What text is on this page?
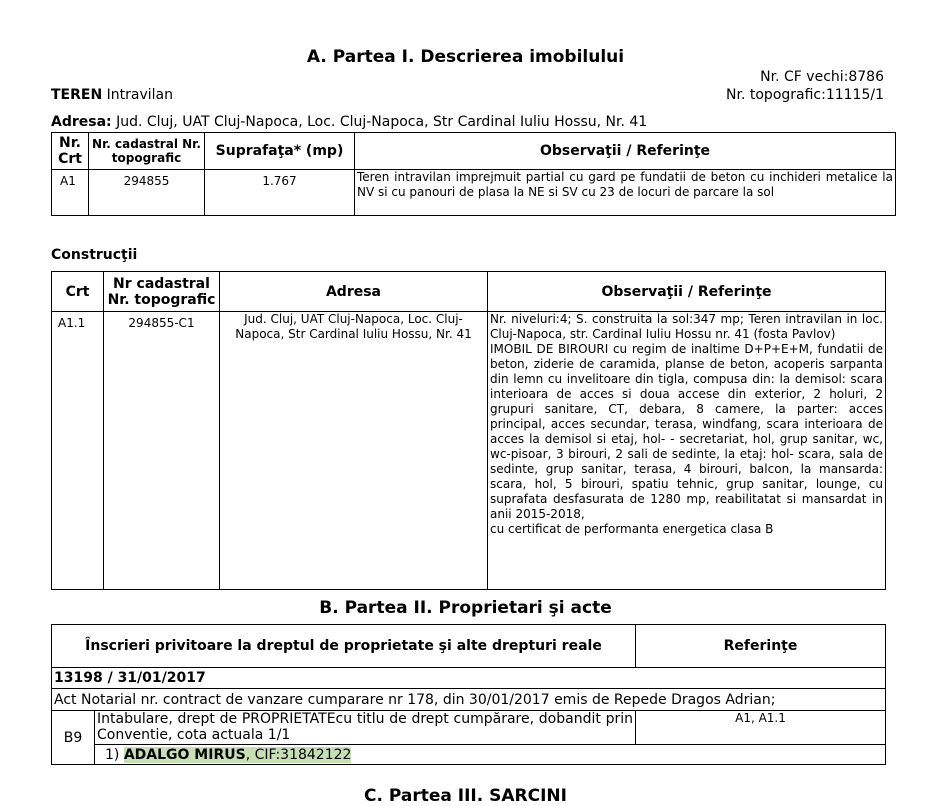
A. Partea I. Descrierea imobilului
Nr. CF vechi:8786
Nr. topografic:11115/1
TEREN Intravilan
Adresa: Jud. Cluj, UAT Cluj-Napoca, Loc. Cluj-Napoca, Str Cardinal Iuliu Hossu, Nr. 41
Nr. Crt	Nr. cadastral Nr. topografic	Suprafaţa* (mp)	Observaţii / Referinţe
A1	294855	1.767	Teren intravilan imprejmuit partial cu gard pe fundatii de beton cu inchideri metalice la NV si cu panouri de plasa la NE si SV cu 23 de locuri de parcare la sol
Construcţii
Crt	Nr cadastral Nr. topografic	Adresa	Observaţii / Referinţe
A1.1	294855-C1	Jud. Cluj, UAT Cluj-Napoca, Loc. Cluj-Napoca, Str Cardinal Iuliu Hossu, Nr. 41	Nr. niveluri:4; S. construita la sol:347 mp; Teren intravilan in loc. Cluj-Napoca, str. Cardinal Iuliu Hossu nr. 41 (fosta Pavlov)
IMOBIL DE BIROURI cu regim de inaltime D+P+E+M, fundatii de beton, ziderie de caramida, planse de beton, acoperis sarpanta din lemn cu invelitoare din tigla, compusa din: la demisol: scara interioara de acces si doua accese din exterior, 2 holuri, 2 grupuri sanitare, CT, debara, 8 camere, la parter: acces principal, acces secundar, terasa, windfang, scara interioara de acces la demisol si etaj, hol- - secretariat, hol, grup sanitar, wc, wc-pisoar, 3 birouri, 2 sali de sedinte, la etaj: hol- scara, sala de sedinte, grup sanitar, terasa, 4 birouri, balcon, la mansarda: scara, hol, 5 birouri, spatiu tehnic, grup sanitar, lounge, cu suprafata desfasurata de 1280 mp, reabilitatat si mansardat in anii 2015-2018,
cu certificat de performanta energetica clasa B
B. Partea II. Proprietari şi acte
Înscrieri privitoare la dreptul de proprietate şi alte drepturi reale		Referinţe
13198 / 31/01/2017		
Act Notarial nr. contract de vanzare cumparare nr 178, din 30/01/2017 emis de Repede Dragos Adrian;		
B9	Intabulare, drept de PROPRIETATEcu titlu de drept cumpărare, dobandit prin Conventie, cota actuala 1/1	A1, A1.1
	1) ADALGO MIRUS, CIF:31842122	
C. Partea III. SARCINI
